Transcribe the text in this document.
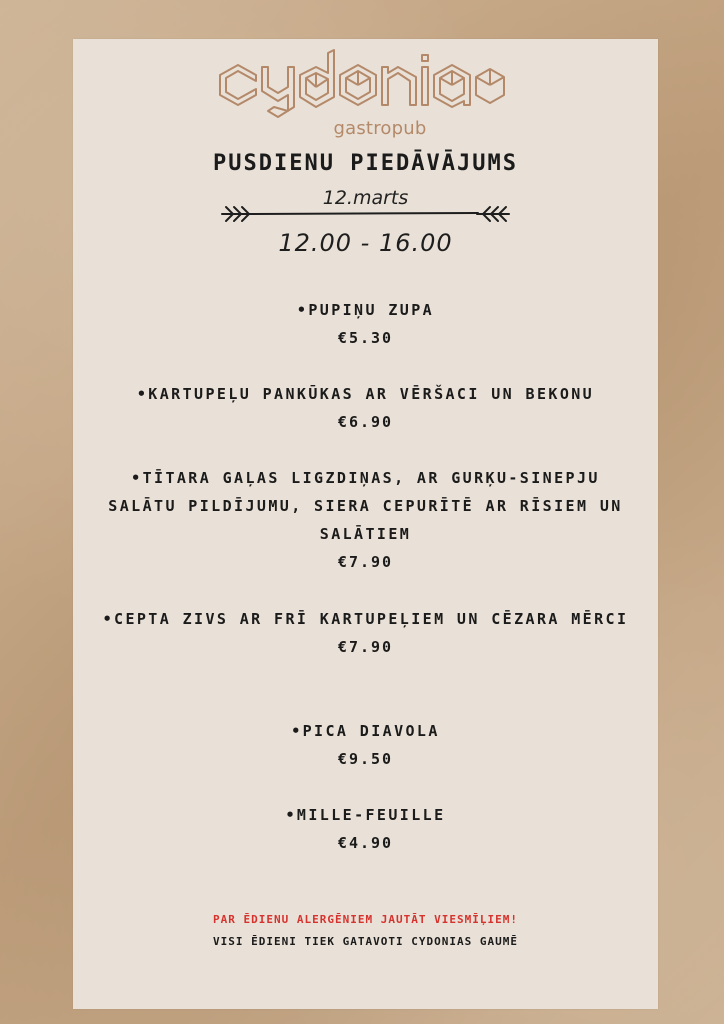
gastropub
PUSDIENU PIEDĀVĀJUMS
12.marts
12.00 - 16.00
•PUPIŅU ZUPA
€5.30
•KARTUPEĻU PANKŪKAS AR VĒRŠACI UN BEKONU
€6.90
•TĪTARA GAĻAS LIGZDIŅAS, AR GURĶU-SINEPJU SALĀTU PILDĪJUMU, SIERA CEPURĪTĒ AR RĪSIEM UN SALĀTIEM
€7.90
•CEPTA ZIVS AR FRĪ KARTUPEĻIEM UN CĒZARA MĒRCI
€7.90
•PICA DIAVOLA
€9.50
•MILLE-FEUILLE
€4.90
PAR ĒDIENU ALERGĒNIEM JAUTĀT VIESMĪĻIEM!
VISI ĒDIENI TIEK GATAVOTI CYDONIAS GAUMĒ
